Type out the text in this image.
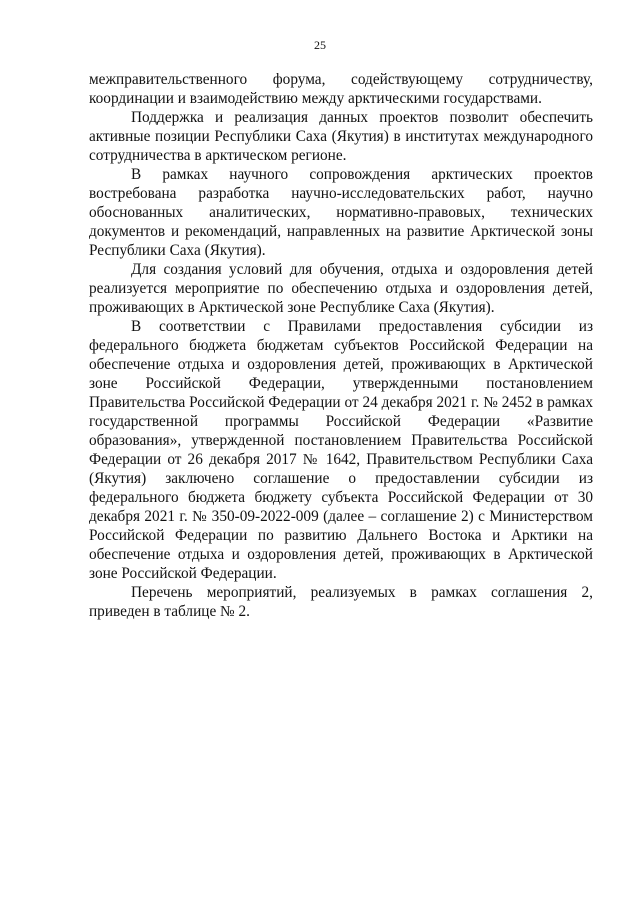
25

межправительственного форума, содействующему сотрудничеству, координации и взаимодействию между арктическими государствами.

Поддержка и реализация данных проектов позволит обеспечить активные позиции Республики Саха (Якутия) в институтах международного сотрудничества в арктическом регионе.

В рамках научного сопровождения арктических проектов востребована разработка научно-исследовательских работ, научно обоснованных аналитических, нормативно-правовых, технических документов и рекомендаций, направленных на развитие Арктической зоны Республики Саха (Якутия).

Для создания условий для обучения, отдыха и оздоровления детей реализуется мероприятие по обеспечению отдыха и оздоровления детей, проживающих в Арктической зоне Республике Саха (Якутия).

В соответствии с Правилами предоставления субсидии из федерального бюджета бюджетам субъектов Российской Федерации на обеспечение отдыха и оздоровления детей, проживающих в Арктической зоне Российской Федерации, утвержденными постановлением Правительства Российской Федерации от 24 декабря 2021 г. № 2452 в рамках государственной программы Российской Федерации «Развитие образования», утвержденной постановлением Правительства Российской Федерации от 26 декабря 2017 № 1642, Правительством Республики Саха (Якутия) заключено соглашение о предоставлении субсидии из федерального бюджета бюджету субъекта Российской Федерации от 30 декабря 2021 г. № 350-09-2022-009 (далее – соглашение 2) с Министерством Российской Федерации по развитию Дальнего Востока и Арктики на обеспечение отдыха и оздоровления детей, проживающих в Арктической зоне Российской Федерации.

Перечень мероприятий, реализуемых в рамках соглашения 2, приведен в таблице № 2.
